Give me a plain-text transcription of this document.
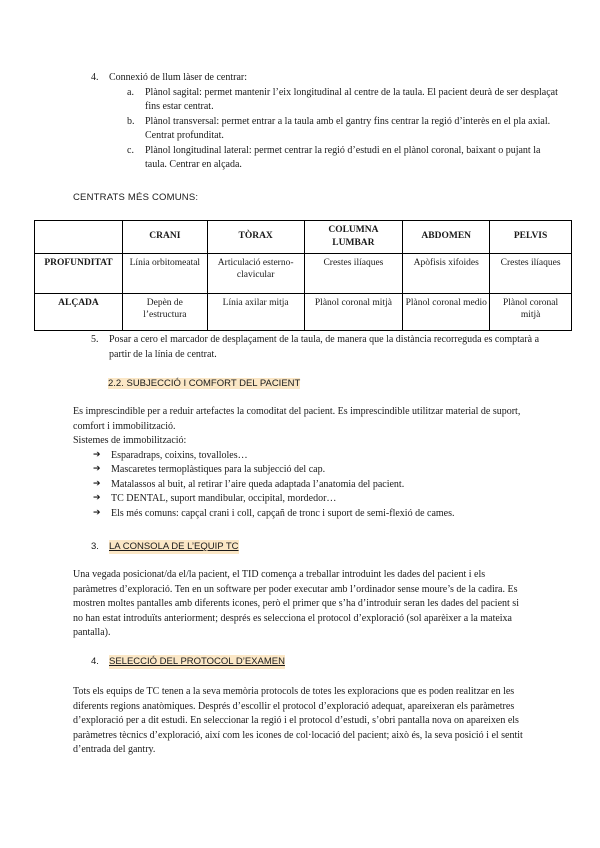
4.	Connexió de llum làser de centrar:
a.	Plànol sagital: permet mantenir l’eix longitudinal al centre de la taula. El pacient deurà de ser desplaçat fins estar centrat.
b.	Plànol transversal: permet entrar a la taula amb el gantry fins centrar la regió d’interès en el pla axial. Centrat profunditat.
c.	Plànol longitudinal lateral: permet centrar la regió d’estudi en el plànol coronal, baixant o pujant la taula. Centrar en alçada.
CENTRATS MÉS COMUNS:
	CRANI	TÒRAX	COLUMNA LUMBAR	ABDOMEN	PELVIS
PROFUNDITAT	Línia orbitomeatal	Articulació esterno-clavicular	Crestes ilíaques	Apòfisis xifoides	Crestes ilíaques
ALÇADA	Depèn de l’estructura	Línia axilar mitja	Plànol coronal mitjà	Plànol coronal medio	Plànol coronal mitjà
5.	Posar a cero el marcador de desplaçament de la taula, de manera que la distància recorreguda es comptarà a partir de la línia de centrat.
2.2. SUBJECCIÓ I COMFORT DEL PACIENT

Es imprescindible per a reduir artefactes la comoditat del pacient. Es imprescindible utilitzar material de suport, comfort i immobilització.

Sistemes de immobilització:

➔	Esparadraps, coixins, tovalloles…
➔	Mascaretes termoplàstiques para la subjecció del cap.
➔	Matalassos al buit, al retirar l’aire queda adaptada l’anatomia del pacient.
➔	TC DENTAL, suport mandibular, occipital, mordedor…
➔	Els més comuns: capçal crani i coll, capçañ de tronc i suport de semi-flexió de cames.
3.	LA CONSOLA DE L’EQUIP TC

Una vegada posicionat/da el/la pacient, el TID comença a treballar introduint les dades del pacient i els paràmetres d’exploració. Ten en un software per poder executar amb l’ordinador sense moure’s de la cadira. Es mostren moltes pantalles amb diferents icones, però el primer que s’ha d’introduir seran les dades del pacient si no han estat introduïts anteriorment; després es selecciona el protocol d’exploració (sol aparèixer a la mateixa pantalla).

4.	SELECCIÓ DEL PROTOCOL D’EXAMEN

Tots els equips de TC tenen a la seva memòria protocols de totes les exploracions que es poden realitzar en les diferents regions anatòmiques. Després d’escollir el protocol d’exploració adequat, apareixeran els paràmetres d’exploració per a dit estudi. En seleccionar la regió i el protocol d’estudi, s’obri pantalla nova on apareixen els paràmetres tècnics d’exploració, així com les icones de col·locació del pacient; això és, la seva posició i el sentit d’entrada del gantry.
